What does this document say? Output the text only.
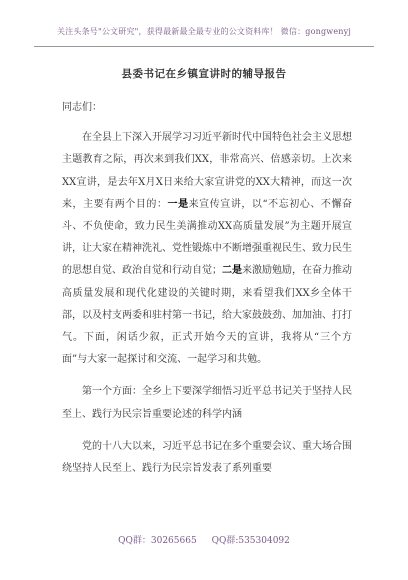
关注头条号"公文研究"，获得最新最全最专业的公文资料库！ 微信：gongwenyj
县委书记在乡镇宣讲时的辅导报告

同志们：

在全县上下深入开展学习习近平新时代中国特色社会主义思想主题教育之际，再次来到我们XX，非常高兴、倍感亲切。上次来XX宣讲，是去年X月X日来给大家宣讲党的XX大精神，而这一次来，主要有两个目的：一是来宣传宣讲，以“不忘初心、不懈奋斗、不负使命，致力民生美满推动XX高质量发展”为主题开展宣讲，让大家在精神洗礼、党性锻炼中不断增强重视民生、致力民生的思想自觉、政治自觉和行动自觉；二是来激励勉励，在奋力推动高质量发展和现代化建设的关键时期，来看望我们XX乡全体干部，以及村支两委和驻村第一书记，给大家鼓鼓劲、加加油、打打气。下面，闲话少叙，正式开始今天的宣讲，我将从“三个方面”与大家一起探讨和交流、一起学习和共勉。

第一个方面：全乡上下要深学细悟习近平总书记关于坚持人民至上、践行为民宗旨重要论述的科学内涵

党的十八大以来，习近平总书记在多个重要会议、重大场合围绕坚持人民至上、践行为民宗旨发表了系列重要

QQ群：30265665 QQ群:535304092
